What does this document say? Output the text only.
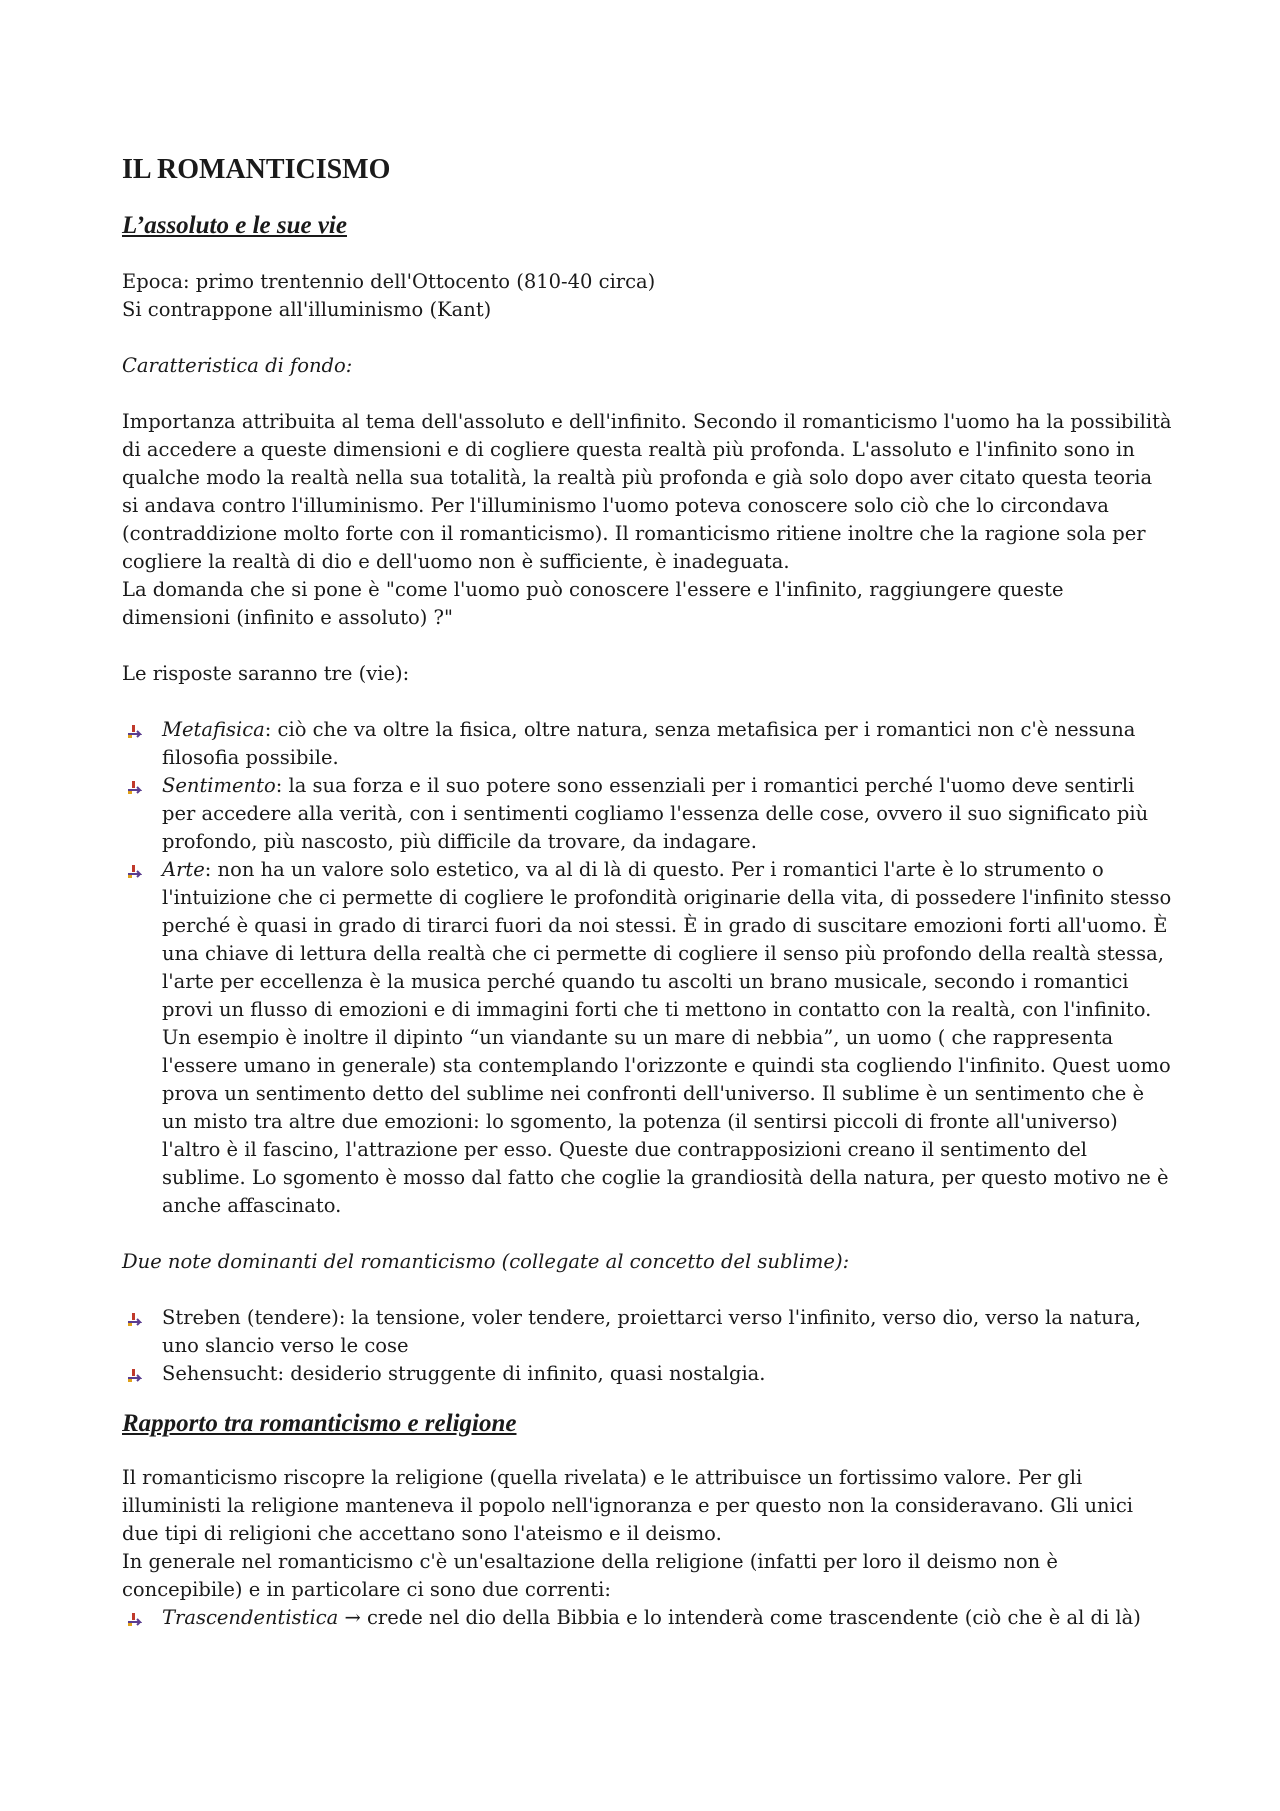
IL ROMANTICISMO
L’assoluto e le sue vie

Epoca: primo trentennio dell'Ottocento (810-40 circa)

Si contrappone all'illuminismo (Kant)

Caratteristica di fondo:

Importanza attribuita al tema dell'assoluto e dell'infinito. Secondo il romanticismo l'uomo ha la possibilità di accedere a queste dimensioni e di cogliere questa realtà più profonda. L'assoluto e l'infinito sono in qualche modo la realtà nella sua totalità, la realtà più profonda e già solo dopo aver citato questa teoria si andava contro l'illuminismo. Per l'illuminismo l'uomo poteva conoscere solo ciò che lo circondava (contraddizione molto forte con il romanticismo). Il romanticismo ritiene inoltre che la ragione sola per cogliere la realtà di dio e dell'uomo non è sufficiente, è inadeguata.

La domanda che si pone è "come l'uomo può conoscere l'essere e l'infinito, raggiungere queste dimensioni (infinito e assoluto) ?"

Le risposte saranno tre (vie):

Metafisica: ciò che va oltre la fisica, oltre natura, senza metafisica per i romantici non c'è nessuna filosofia possibile.
Sentimento: la sua forza e il suo potere sono essenziali per i romantici perché l'uomo deve sentirli per accedere alla verità, con i sentimenti cogliamo l'essenza delle cose, ovvero il suo significato più profondo, più nascosto, più difficile da trovare, da indagare.
Arte: non ha un valore solo estetico, va al di là di questo. Per i romantici l'arte è lo strumento o l'intuizione che ci permette di cogliere le profondità originarie della vita, di possedere l'infinito stesso perché è quasi in grado di tirarci fuori da noi stessi. È in grado di suscitare emozioni forti all'uomo. È una chiave di lettura della realtà che ci permette di cogliere il senso più profondo della realtà stessa, l'arte per eccellenza è la musica perché quando tu ascolti un brano musicale, secondo i romantici provi un flusso di emozioni e di immagini forti che ti mettono in contatto con la realtà, con l'infinito. Un esempio è inoltre il dipinto “un viandante su un mare di nebbia”, un uomo ( che rappresenta l'essere umano in generale) sta contemplando l'orizzonte e quindi sta cogliendo l'infinito. Quest uomo prova un sentimento detto del sublime nei confronti dell'universo. Il sublime è un sentimento che è un misto tra altre due emozioni: lo sgomento, la potenza (il sentirsi piccoli di fronte all'universo) l'altro è il fascino, l'attrazione per esso. Queste due contrapposizioni creano il sentimento del sublime. Lo sgomento è mosso dal fatto che coglie la grandiosità della natura, per questo motivo ne è anche affascinato.

Due note dominanti del romanticismo (collegate al concetto del sublime):

Streben (tendere): la tensione, voler tendere, proiettarci verso l'infinito, verso dio, verso la natura, uno slancio verso le cose
Sehensucht: desiderio struggente di infinito, quasi nostalgia.
Rapporto tra romanticismo e religione

Il romanticismo riscopre la religione (quella rivelata) e le attribuisce un fortissimo valore. Per gli illuministi la religione manteneva il popolo nell'ignoranza e per questo non la consideravano. Gli unici due tipi di religioni che accettano sono l'ateismo e il deismo.

In generale nel romanticismo c'è un'esaltazione della religione (infatti per loro il deismo non è concepibile) e in particolare ci sono due correnti:

Trascendentistica → crede nel dio della Bibbia e lo intenderà come trascendente (ciò che è al di là)
